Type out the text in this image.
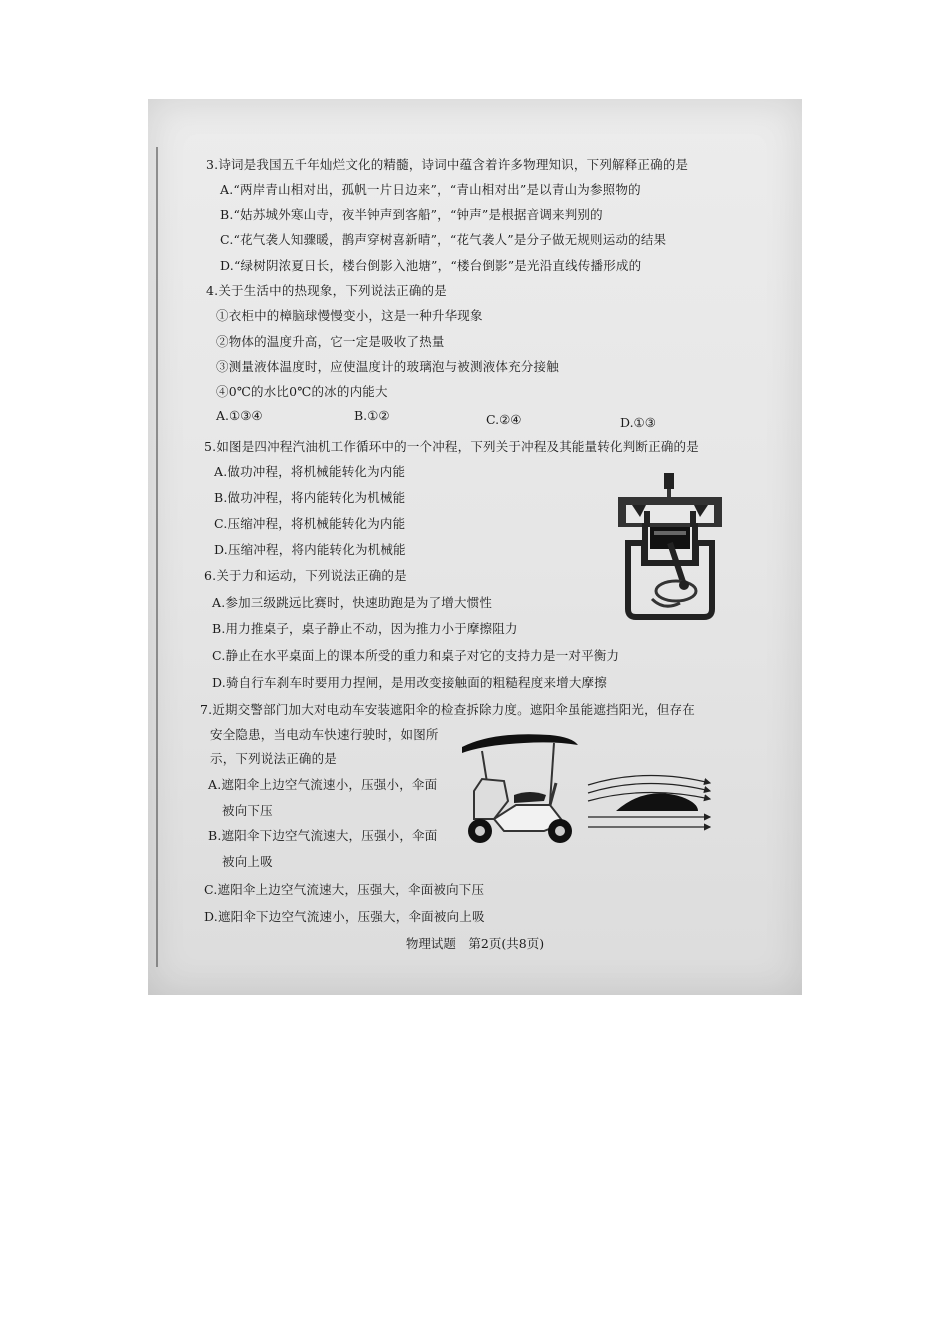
3.诗词是我国五千年灿烂文化的精髓，诗词中蕴含着许多物理知识，下列解释正确的是
A.“两岸青山相对出，孤帆一片日边来”，“青山相对出”是以青山为参照物的
B.“姑苏城外寒山寺，夜半钟声到客船”，“钟声”是根据音调来判别的
C.“花气袭人知骤暖，鹊声穿树喜新晴”，“花气袭人”是分子做无规则运动的结果
D.“绿树阴浓夏日长，楼台倒影入池塘”，“楼台倒影”是光沿直线传播形成的
4.关于生活中的热现象，下列说法正确的是
①衣柜中的樟脑球慢慢变小，这是一种升华现象
②物体的温度升高，它一定是吸收了热量
③测量液体温度时，应使温度计的玻璃泡与被测液体充分接触
④0℃的水比0℃的冰的内能大
A.①③④	B.①②	C.②④	D.①③
5.如图是四冲程汽油机工作循环中的一个冲程，下列关于冲程及其能量转化判断正确的是
A.做功冲程，将机械能转化为内能
B.做功冲程，将内能转化为机械能
C.压缩冲程，将机械能转化为内能
D.压缩冲程，将内能转化为机械能
6.关于力和运动，下列说法正确的是
A.参加三级跳远比赛时，快速助跑是为了增大惯性
B.用力推桌子，桌子静止不动，因为推力小于摩擦阻力
C.静止在水平桌面上的课本所受的重力和桌子对它的支持力是一对平衡力
D.骑自行车刹车时要用力捏闸，是用改变接触面的粗糙程度来增大摩擦
7.近期交警部门加大对电动车安装遮阳伞的检查拆除力度。遮阳伞虽能遮挡阳光，但存在
安全隐患，当电动车快速行驶时，如图所
示，下列说法正确的是
A.遮阳伞上边空气流速小，压强小，伞面
被向下压
B.遮阳伞下边空气流速大，压强小，伞面
被向上吸
C.遮阳伞上边空气流速大，压强大，伞面被向下压
D.遮阳伞下边空气流速小，压强大，伞面被向上吸
物理试题　第2页(共8页)
